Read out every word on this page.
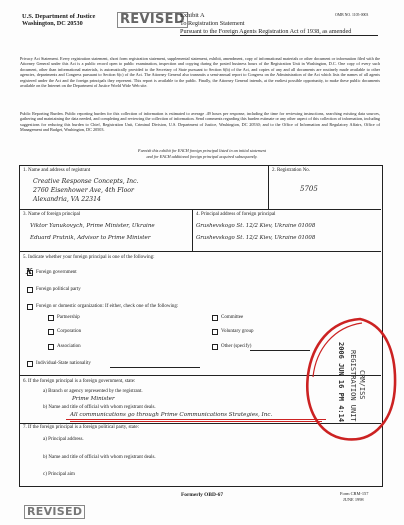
U.S. Department of Justice
Washington, DC 20530	REVISED
Exhibit A
To Registration Statement
Pursuant to the Foreign Agents Registration Act of 1938, as amended
OMB NO. 1105-0003
Privacy Act Statement. Every registration statement, short form registration statement, supplemental statement, exhibit, amendment, copy of informational materials or other document or information filed with the Attorney General under this Act is a public record open to public examination, inspection and copying during the posted business hours of the Registration Unit in Washington, D.C. One copy of every such document, other than informational materials, is automatically provided to the Secretary of State pursuant to Section 6(b) of the Act, and copies of any and all documents are routinely made available to other agencies, departments and Congress pursuant to Section 6(c) of the Act. The Attorney General also transmits a semi-annual report to Congress on the Administration of the Act which lists the names of all agents registered under the Act and the foreign principals they represent. This report is available to the public. Finally, the Attorney General intends, at the earliest possible opportunity, to make these public documents available on the Internet on the Department of Justice World Wide Web site.
Public Reporting Burden. Public reporting burden for this collection of information is estimated to average .49 hours per response, including the time for reviewing instructions, searching existing data sources, gathering and maintaining the data needed, and completing and reviewing the collection of information. Send comments regarding this burden estimate or any other aspect of this collection of information, including suggestions for reducing this burden to Chief, Registration Unit, Criminal Division, U.S. Department of Justice, Washington, DC 20530; and to the Office of Information and Regulatory Affairs, Office of Management and Budget, Washington, DC 20503.
Furnish this exhibit for EACH foreign principal listed in an initial statement
and for EACH additional foreign principal acquired subsequently.
1. Name and address of registrant
Creative Response Concepts, Inc.
2760 Eisenhower Ave, 4th Floor
Alexandria, VA 22314
2. Registration No.
5705
3. Name of foreign principal
Viktor Yanukovych, Prime Minister, Ukraine
Eduard Prutnik, Advisor to Prime Minister
4. Principal address of foreign principal
Grushevskogo St. 12/2 Kiev, Ukraine 01008
Grushevskogo St. 12/2 Kiev, Ukraine 01008
5. Indicate whether your foreign principal is one of the following:
X Foreign government
Foreign political party
Foreign or domestic organization: If either, check one of the following:
Partnership	Committee
Corporation	Voluntary group
Association	Other (specify)
Individual-State nationality
6. If the foreign principal is a foreign government, state:
a) Branch or agency represented by the registrant.
Prime Minister
b) Name and title of official with whom registrant deals.
All communications go through Prime Communications Strategies, Inc.
7. If the foreign principal is a foreign political party, state:
a) Principal address.
b) Name and title of official with whom registrant deals.
c) Principal aim
CRM/ISS
REGISTRATION UNIT
2006 JUN 16 PM 4:14
Formerly OBD-67	Form CRM-157
JUNE 1998
REVISED
